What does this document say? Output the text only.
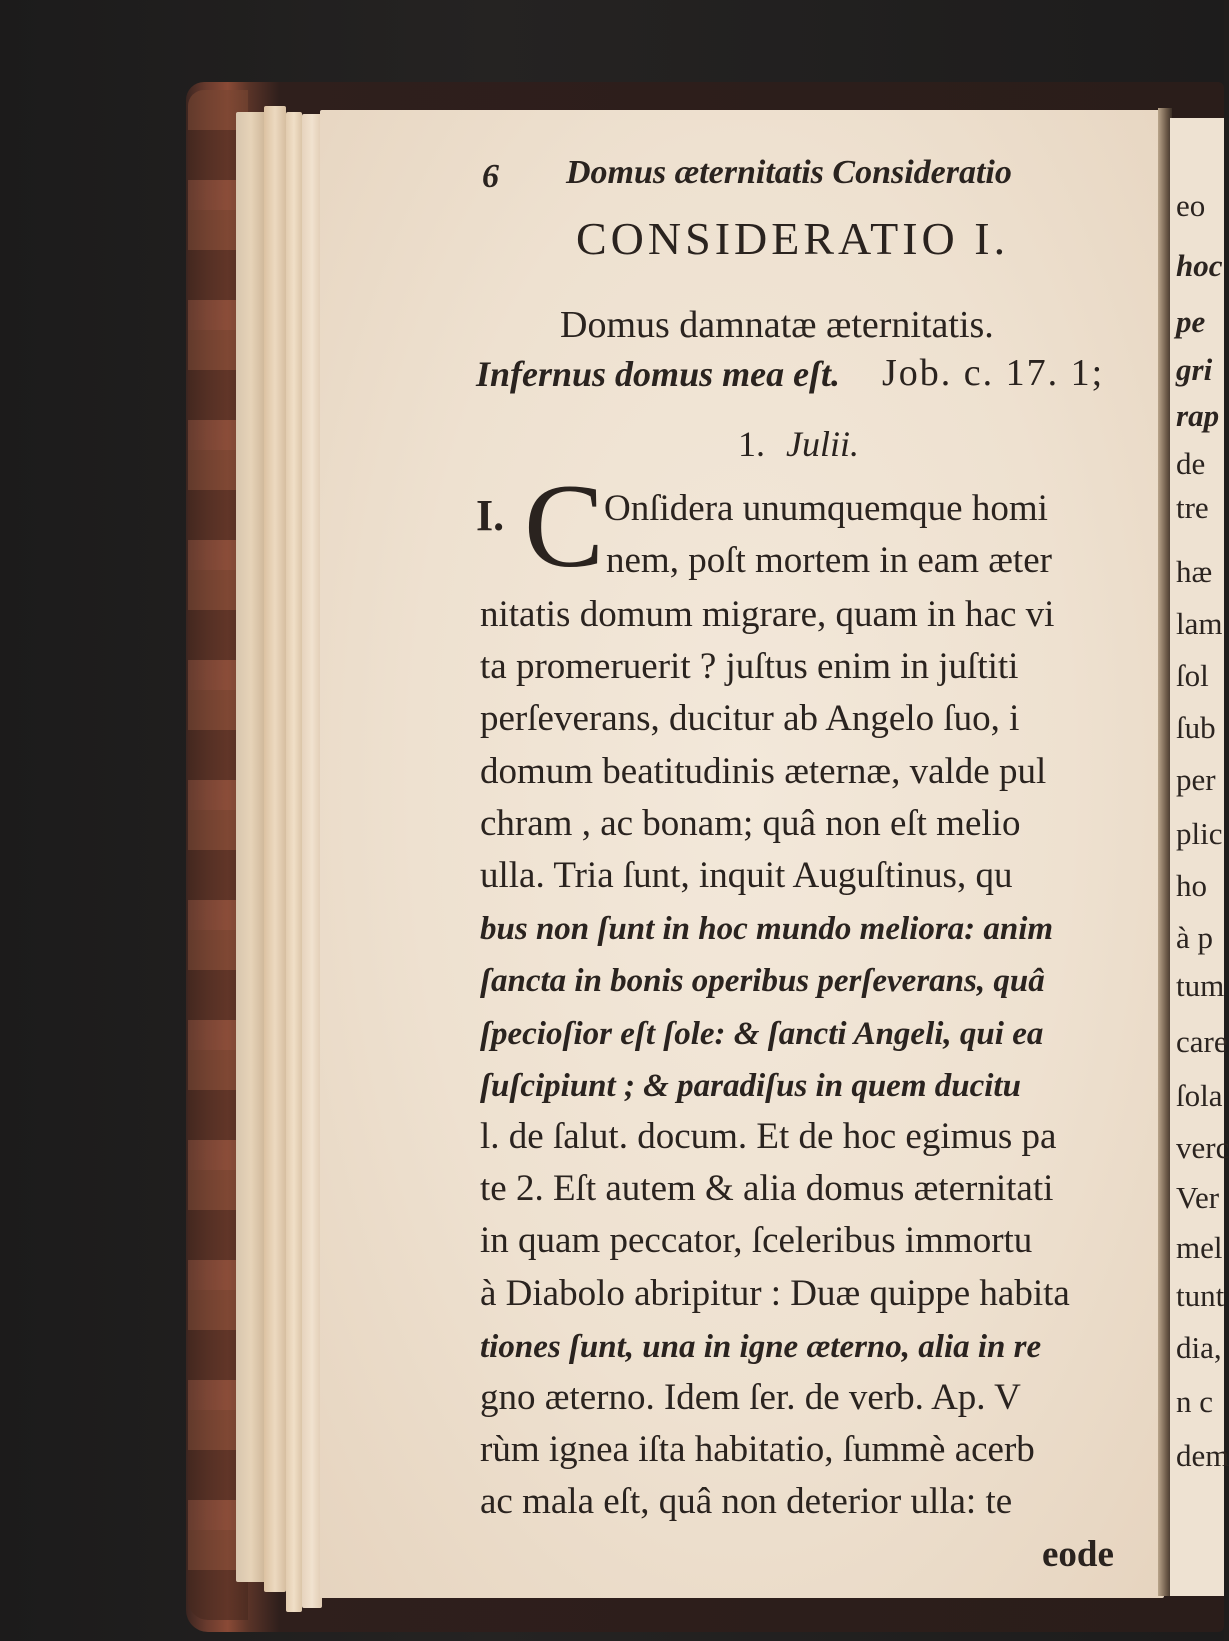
6 Domus æternitatis Consideratio
CONSIDERATIO I.
Domus damnatæ æternitatis.
Infernus domus mea eſt. Job. c. 17. 1;
1. Julii.
I. C Onſidera unumquemque homi
nem, poſt mortem in eam æter
nitatis domum migrare, quam in hac vi
ta promeruerit ? juſtus enim in juſtiti
perſeverans, ducitur ab Angelo ſuo, i
domum beatitudinis æternæ, valde pul
chram , ac bonam; quâ non eſt melio
ulla. Tria ſunt, inquit Auguſtinus, qu
bus non ſunt in hoc mundo meliora: anim
ſancta in bonis operibus perſeverans, quâ
ſpecioſior eſt ſole: & ſancti Angeli, qui ea
ſuſcipiunt ; & paradiſus in quem ducitu
l. de ſalut. docum. Et de hoc egimus pa
te 2. Eſt autem & alia domus æternitati
in quam peccator, ſceleribus immortu
à Diabolo abripitur : Duæ quippe habita
tiones ſunt, una in igne æterno, alia in re
gno æterno. Idem ſer. de verb. Ap. V
rùm ignea iſta habitatio, ſummè acerb
ac mala eſt, quâ non deterior ulla: te
eode
eo
hoc
pe
gri
rap
de
tre
hæ
lam
ſol
ſub
per
plic
ho
à p
tum
care
ſola
verc
Ver
mel
tunt
dia,
n c
dem
